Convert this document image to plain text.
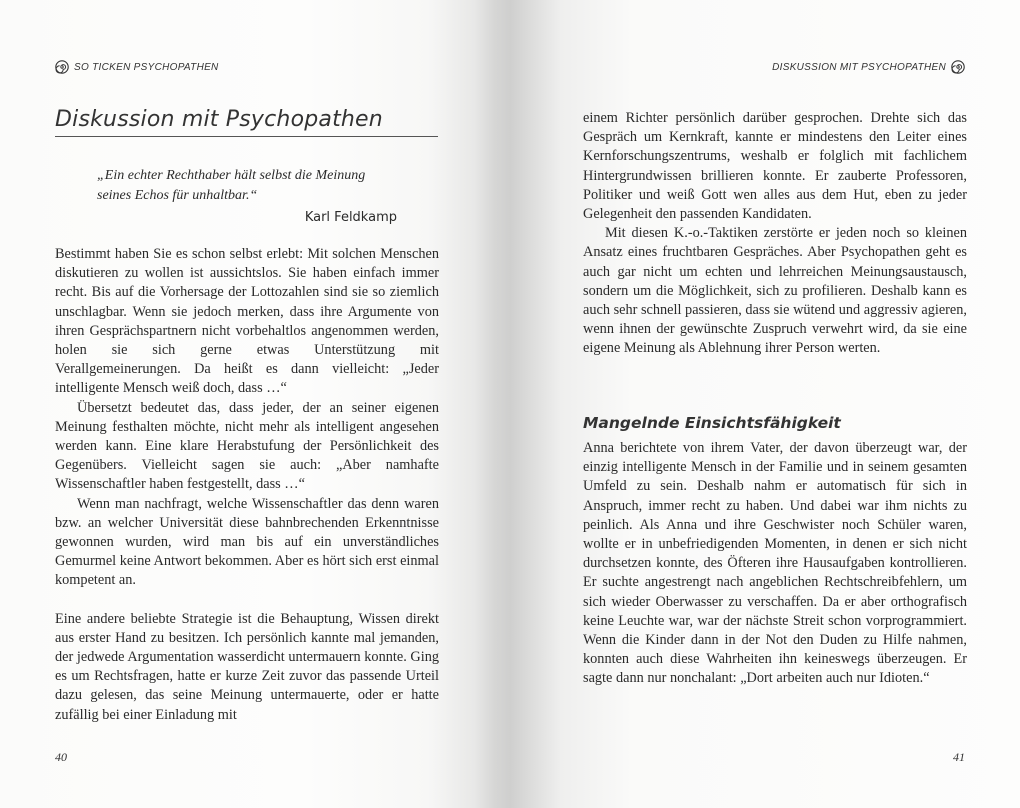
SO TICKEN PSYCHOPATHEN
Diskussion mit Psychopathen

„Ein echter Rechthaber hält selbst die Meinung seines Echos für unhaltbar.“

Karl Feldkamp

Bestimmt haben Sie es schon selbst erlebt: Mit solchen Menschen diskutieren zu wollen ist aussichtslos. Sie haben einfach immer recht. Bis auf die Vorhersage der Lottozahlen sind sie so ziemlich unschlagbar. Wenn sie jedoch merken, dass ihre Argumente von ihren Gesprächspartnern nicht vorbehaltlos angenommen werden, holen sie sich gerne etwas Unterstützung mit Verallgemeinerungen. Da heißt es dann vielleicht: „Jeder intelligente Mensch weiß doch, dass …“

Übersetzt bedeutet das, dass jeder, der an seiner eigenen Meinung festhalten möchte, nicht mehr als intelligent angesehen werden kann. Eine klare Herabstufung der Persönlichkeit des Gegenübers. Vielleicht sagen sie auch: „Aber namhafte Wissenschaftler haben festgestellt, dass …“

Wenn man nachfragt, welche Wissenschaftler das denn waren bzw. an welcher Universität diese bahnbrechenden Erkenntnisse gewonnen wurden, wird man bis auf ein unverständliches Gemurmel keine Antwort bekommen. Aber es hört sich erst einmal kompetent an.

Eine andere beliebte Strategie ist die Behauptung, Wissen direkt aus erster Hand zu besitzen. Ich persönlich kannte mal jemanden, der jedwede Argumentation wasserdicht untermauern konnte. Ging es um Rechtsfragen, hatte er kurze Zeit zuvor das passende Urteil dazu gelesen, das seine Meinung untermauerte, oder er hatte zufällig bei einer Einladung mit

40
DISKUSSION MIT PSYCHOPATHEN

einem Richter persönlich darüber gesprochen. Drehte sich das Gespräch um Kernkraft, kannte er mindestens den Leiter eines Kernforschungszentrums, weshalb er folglich mit fachlichem Hintergrundwissen brillieren konnte. Er zauberte Professoren, Politiker und weiß Gott wen alles aus dem Hut, eben zu jeder Gelegenheit den passenden Kandidaten.

Mit diesen K.-o.-Taktiken zerstörte er jeden noch so kleinen Ansatz eines fruchtbaren Gespräches. Aber Psychopathen geht es auch gar nicht um echten und lehrreichen Meinungsaustausch, sondern um die Möglichkeit, sich zu profilieren. Deshalb kann es auch sehr schnell passieren, dass sie wütend und aggressiv agieren, wenn ihnen der gewünschte Zuspruch verwehrt wird, da sie eine eigene Meinung als Ablehnung ihrer Person werten.

Mangelnde Einsichtsfähigkeit

Anna berichtete von ihrem Vater, der davon überzeugt war, der einzig intelligente Mensch in der Familie und in seinem gesamten Umfeld zu sein. Deshalb nahm er automatisch für sich in Anspruch, immer recht zu haben. Und dabei war ihm nichts zu peinlich. Als Anna und ihre Geschwister noch Schüler waren, wollte er in unbefriedigenden Momenten, in denen er sich nicht durchsetzen konnte, des Öfteren ihre Hausaufgaben kontrollieren. Er suchte angestrengt nach angeblichen Rechtschreibfehlern, um sich wieder Oberwasser zu verschaffen. Da er aber orthografisch keine Leuchte war, war der nächste Streit schon vorprogrammiert. Wenn die Kinder dann in der Not den Duden zu Hilfe nahmen, konnten auch diese Wahrheiten ihn keineswegs überzeugen. Er sagte dann nur nonchalant: „Dort arbeiten auch nur Idioten.“

41
